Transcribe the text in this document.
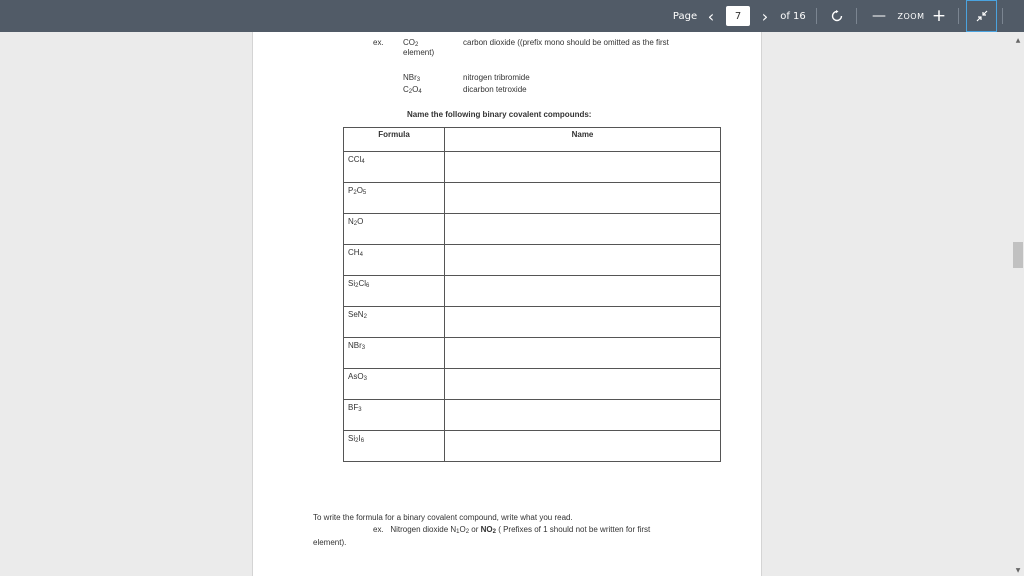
Page ‹
7	›	of 16	—	ZOOM +
ex. $CO_2$	carbon dioxide ((prefix mono should be omitted as the first
element)
NBr$_3$	nitrogen tribromide
$C_2O_4$	dicarbon tetroxide
Name the following binary covalent compounds:
Formula	Name
CCl$_4$	
$P_2O_5$	
$N_2O$	
$CH_4$	
$Si_2Cl_6$	
SeN$_2$	
NBr$_3$	
AsO$_3$	
$BF_3$	
$Si_2I_6$	
To write the formula for a binary covalent compound, write what you read.
ex. Nitrogen dioxide $N_1O_2$ or $NO_2$ ( Prefixes of 1 should not be written for first
element).
▲
▼
